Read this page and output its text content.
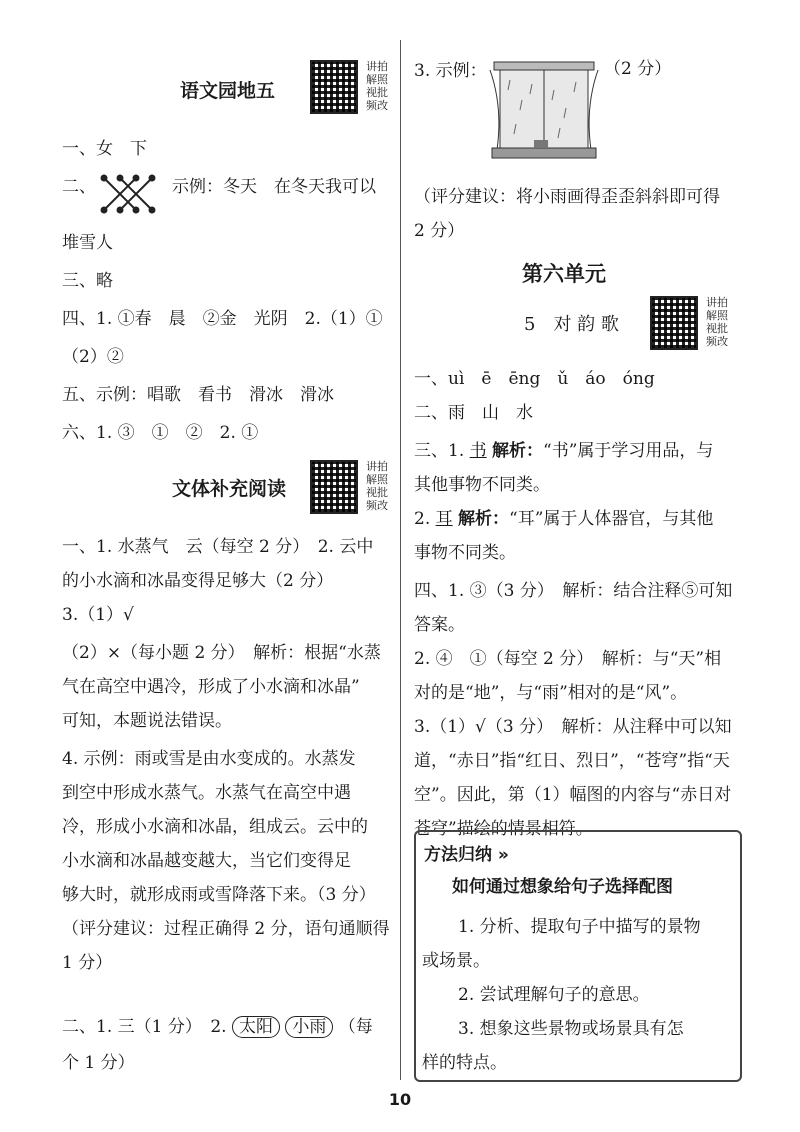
语文园地五
讲拍解照视批频改
一、女　下
二、	示例：冬天　在冬天我可以
堆雪人
三、略
四、1. ①春　晨　②金　光阴　2.（1）①
（2）②
五、示例：唱歌　看书　滑冰　滑冰
六、1. ③　①　②　2. ①
文体补充阅读
讲拍解照视批频改
一、1. 水蒸气　云（每空 2 分）　2. 云中
的小水滴和冰晶变得足够大（2 分）
3.（1）√
（2）×（每小题 2 分）　解析：根据“水蒸
气在高空中遇冷，形成了小水滴和冰晶”
可知，本题说法错误。
4. 示例：雨或雪是由水变成的。水蒸发
到空中形成水蒸气。水蒸气在高空中遇
冷，形成小水滴和冰晶，组成云。云中的
小水滴和冰晶越变越大，当它们变得足
够大时，就形成雨或雪降落下来。（3 分）
（评分建议：过程正确得 2 分，语句通顺得
1 分）
二、1. 三（1 分）　2. 太阳 小雨 （每
个 1 分）
3. 示例：	（2 分）
（评分建议：将小雨画得歪歪斜斜即可得
2 分）
第六单元
5　对 韵 歌
讲拍解照视批频改
一、uì　ē　ēng　ǔ　áo　óng
二、雨　山　水
三、1. 书 解析：“书”属于学习用品，与
其他事物不同类。
2. 耳 解析：“耳”属于人体器官，与其他
事物不同类。
四、1. ③（3 分）　解析：结合注释⑤可知
答案。
2. ④　①（每空 2 分）　解析：与“天”相
对的是“地”，与“雨”相对的是“风”。
3.（1）√（3 分）　解析：从注释中可以知
道，“赤日”指“红日、烈日”，“苍穹”指“天
空”。因此，第（1）幅图的内容与“赤日对
苍穹”描绘的情景相符。
方法归纳 »
如何通过想象给句子选择配图
1. 分析、提取句子中描写的景物
或场景。
2. 尝试理解句子的意思。
3. 想象这些景物或场景具有怎
样的特点。
10
